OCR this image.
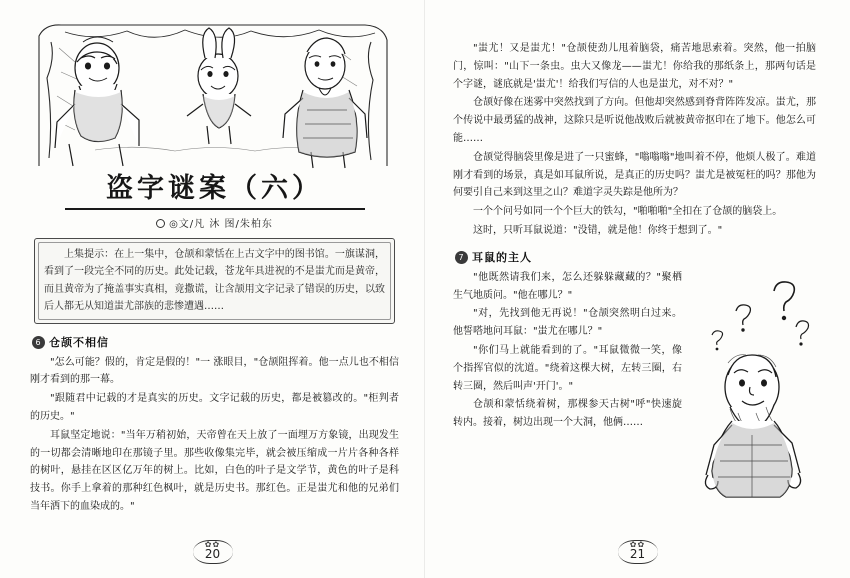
盗字谜案（六）
◎文/凡 沐 图/朱柏东
上集提示：在上一集中，仓颉和蒙恬在上古文字中的图书馆。一旗谋洞，看到了一段完全不同的历史。此处记载，苍龙年具进祝的不是蚩尤而是黄帝，而且黄帝为了掩盖事实真相，竟撒谎，让含颉用文字记录了错误的历史，以致后人都无从知道蚩尤部族的悲惨遭遇……
6 仓颉不相信

"怎么可能？假的，肯定是假的！"一 涨眼目，"仓颉阻挥着。他一点儿也不相信刚才看到的那一幕。

"跟随君中记载的才是真实的历史。文字记载的历史，都是被篡改的。"柜判者的历史。"

耳鼠坚定地说："当年万稍初始，天帝曾在天上放了一面埋万方象镜，出现发生的一切都会清晰地印在那镜子里。那些收像集完毕，就会被压缩成一片片各种各样的树叶，悬挂在区区亿万年的树上。比如，白色的叶子是文学节，黄色的叶子是科技书。你手上拿着的那种红色枫叶，就是历史书。那红色。正是蚩尤和他的兄弟们当年洒下的血染成的。"

✿✿
20

"蚩尤！又是蚩尤！"仓颉使劲儿甩着脑袋，痛苦地思索着。突然，他一拍脑门，惊叫："山下一条虫。虫大又像龙——蚩尤！你给我的那纸条上，那两句话是个字谜，谜底就是'蚩尤'！给我们写信的人也是蚩尤，对不对？"

仓颉好像在迷雾中突然找到了方向。但他却突然感到脊背阵阵发凉。蚩尤，那个传说中最勇猛的战神，这除只是听说他战败后就被黄帝抠印在了地下。他怎么可能……

仓颉觉得脑袋里像是进了一只蜜蜂，"嗡嗡嗡"地叫着不停，他烦人极了。难道刚才看到的场景，真是如耳鼠所说，是真正的历史吗？蚩尤是被冤枉的吗？那他为何要引自己来到这里之山？难道字灵失踪是他所为？

一个个问号如同一个个巨大的铁勾，"啪啪啪"全扣在了仓颉的脑袋上。

这时，只听耳鼠说道："没错，就是他！你终于想到了。"

7 耳鼠的主人

"他既然请我们来，怎么还躲躲藏藏的？"聚栖生气地质问。"他在哪儿？"

"对，先找到他无再说！"仓颉突然明白过来。他誓嗒地问耳鼠："蚩尤在哪儿？"

"你们马上就能看到的了。"耳鼠微微一笑，像个指挥官似的沈道。"绕着这棵大树，左转三圈，右转三圈，然后叫声'开门'。"

仓颉和蒙恬绕着树，那棵参天古树"呼"快速旋转内。接着，树边出现一个大洞，他俩……

✿✿
21
